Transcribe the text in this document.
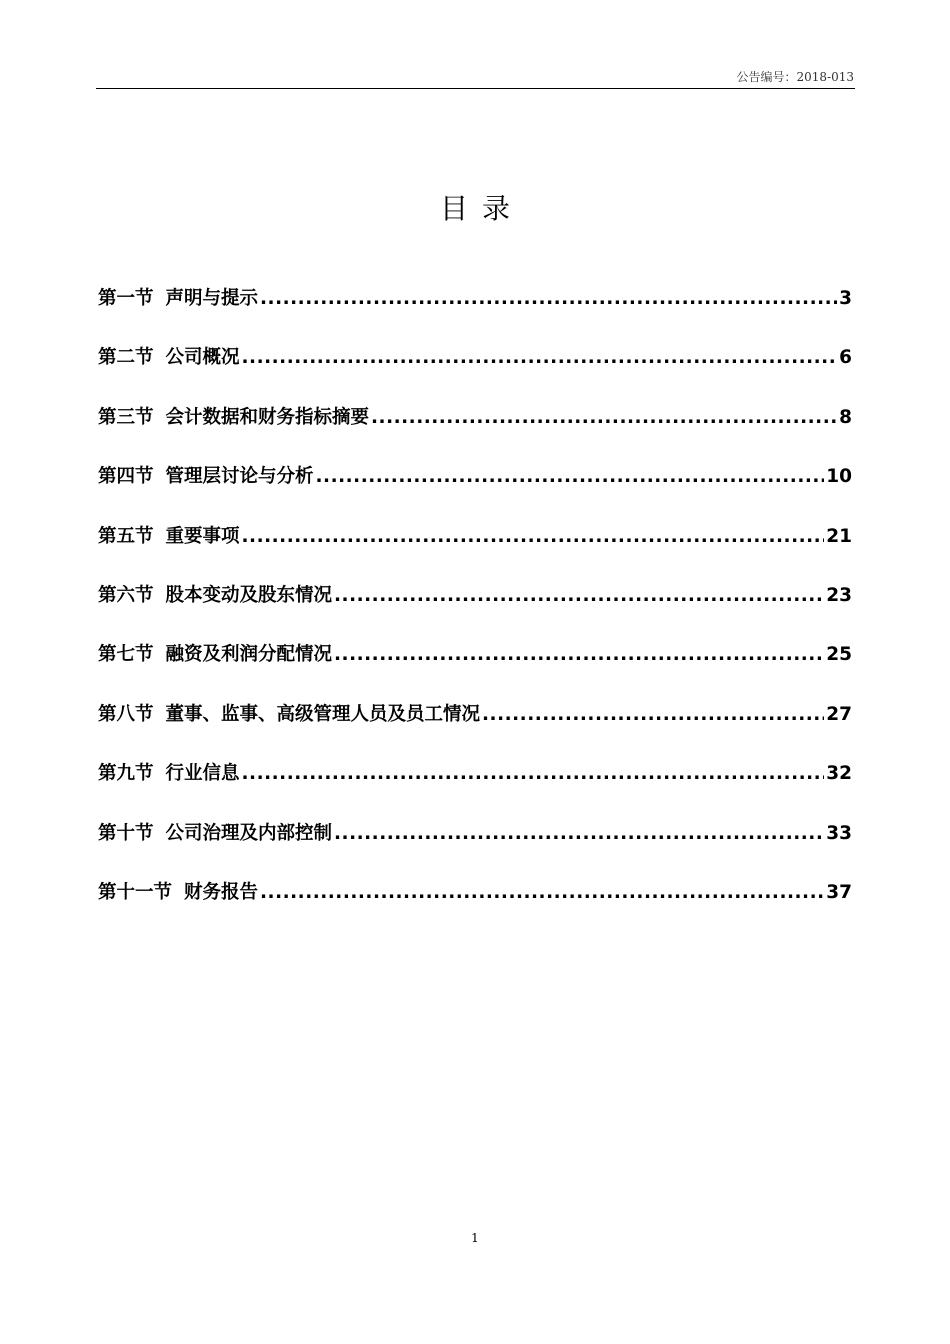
公告编号：2018-013
目录
第一节 声明与提示 .....	3
第二节 公司概况 .....	6
第三节 会计数据和财务指标摘要 .....	8
第四节 管理层讨论与分析 .....	10
第五节 重要事项 .....	21
第六节 股本变动及股东情况 .....	23
第七节 融资及利润分配情况 .....	25
第八节 董事、监事、高级管理人员及员工情况 .....	27
第九节 行业信息 .....	32
第十节 公司治理及内部控制 .....	33
第十一节 财务报告 .....	37
1
